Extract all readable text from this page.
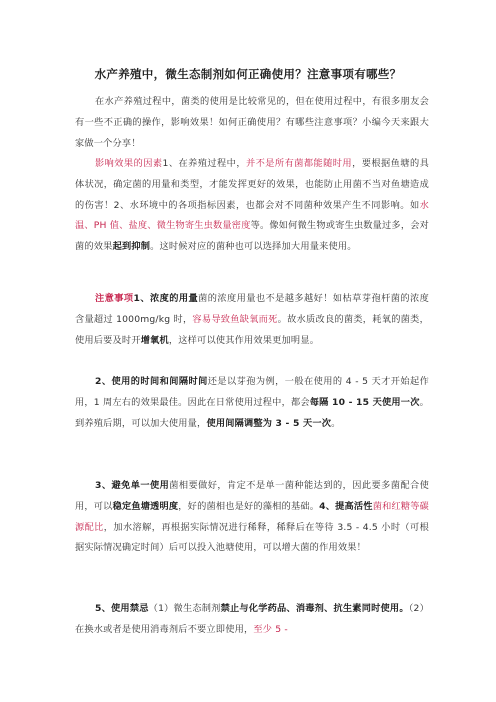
水产养殖中，微生态制剂如何正确使用？注意事项有哪些？

在水产养殖过程中，菌类的使用是比较常见的，但在使用过程中，有很多朋友会有一些不正确的操作，影响效果！如何正确使用？有哪些注意事项？小编今天来跟大家做一个分享！

影响效果的因素1、在养殖过程中，并不是所有菌都能随时用，要根据鱼塘的具体状况，确定菌的用量和类型，才能发挥更好的效果，也能防止用菌不当对鱼塘造成的伤害！2、水环境中的各项指标因素，也都会对不同菌种效果产生不同影响。如水温、PH 值、盐度、微生物寄生虫数量密度等。像如何微生物或寄生虫数量过多，会对菌的效果起到抑制。这时候对应的菌种也可以选择加大用量来使用。

注意事项1、浓度的用量菌的浓度用量也不是越多越好！如枯草芽孢杆菌的浓度含量超过 1000mg/kg 时，容易导致鱼缺氧而死。故水质改良的菌类，耗氧的菌类，使用后要及时开增氧机，这样可以使其作用效果更加明显。

2、使用的时间和间隔时间还是以芽孢为例，一般在使用的 4 - 5 天才开始起作用，1 周左右的效果最佳。因此在日常使用过程中，都会每隔 10 - 15 天使用一次。到养殖后期，可以加大使用量，使用间隔调整为 3 - 5 天一次。

3、避免单一使用菌相要做好，肯定不是单一菌种能达到的，因此要多菌配合使用，可以稳定鱼塘透明度，好的菌相也是好的藻相的基础。4、提高活性菌和红糖等碳源配比，加水溶解，再根据实际情况进行稀释，稀释后在等待 3.5 - 4.5 小时（可根据实际情况确定时间）后可以投入池塘使用，可以增大菌的作用效果！

5、使用禁忌（1）微生态制剂禁止与化学药品、消毒剂、抗生素同时使用。（2）在换水或者是使用消毒剂后不要立即使用，至少 5 -
